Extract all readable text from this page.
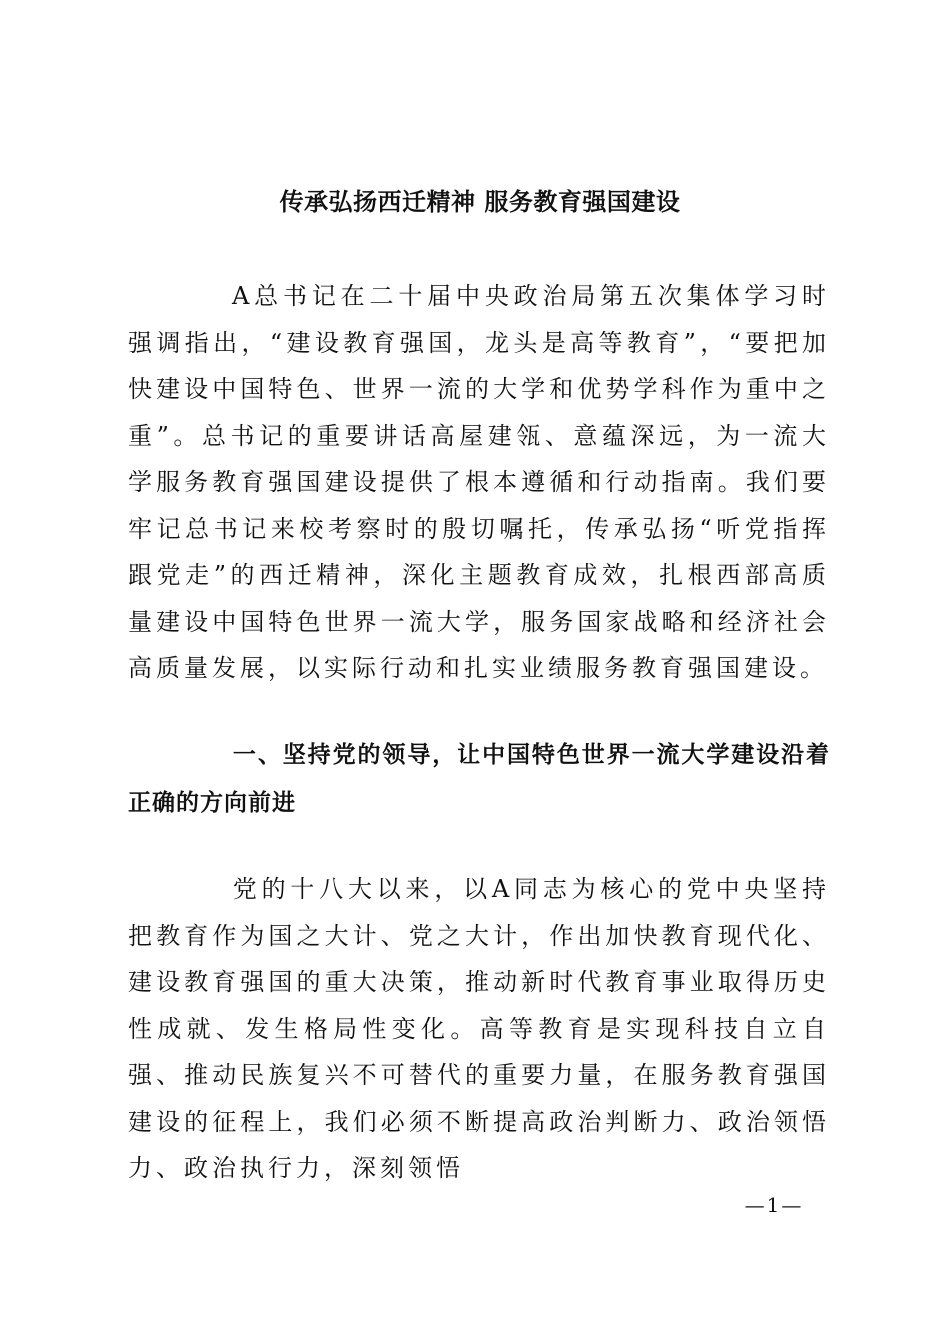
传承弘扬西迁精神 服务教育强国建设

A总书记在二十届中央政治局第五次集体学习时强调指出，“建设教育强国，龙头是高等教育”，“要把加快建设中国特色、世界一流的大学和优势学科作为重中之重”。总书记的重要讲话高屋建瓴、意蕴深远，为一流大学服务教育强国建设提供了根本遵循和行动指南。我们要牢记总书记来校考察时的殷切嘱托，传承弘扬“听党指挥跟党走”的西迁精神，深化主题教育成效，扎根西部高质量建设中国特色世界一流大学，服务国家战略和经济社会高质量发展，以实际行动和扎实业绩服务教育强国建设。

一、坚持党的领导，让中国特色世界一流大学建设沿着正确的方向前进

党的十八大以来，以A同志为核心的党中央坚持把教育作为国之大计、党之大计，作出加快教育现代化、建设教育强国的重大决策，推动新时代教育事业取得历史性成就、发生格局性变化。高等教育是实现科技自立自强、推动民族复兴不可替代的重要力量，在服务教育强国建设的征程上，我们必须不断提高政治判断力、政治领悟力、政治执行力，深刻领悟

—1—
